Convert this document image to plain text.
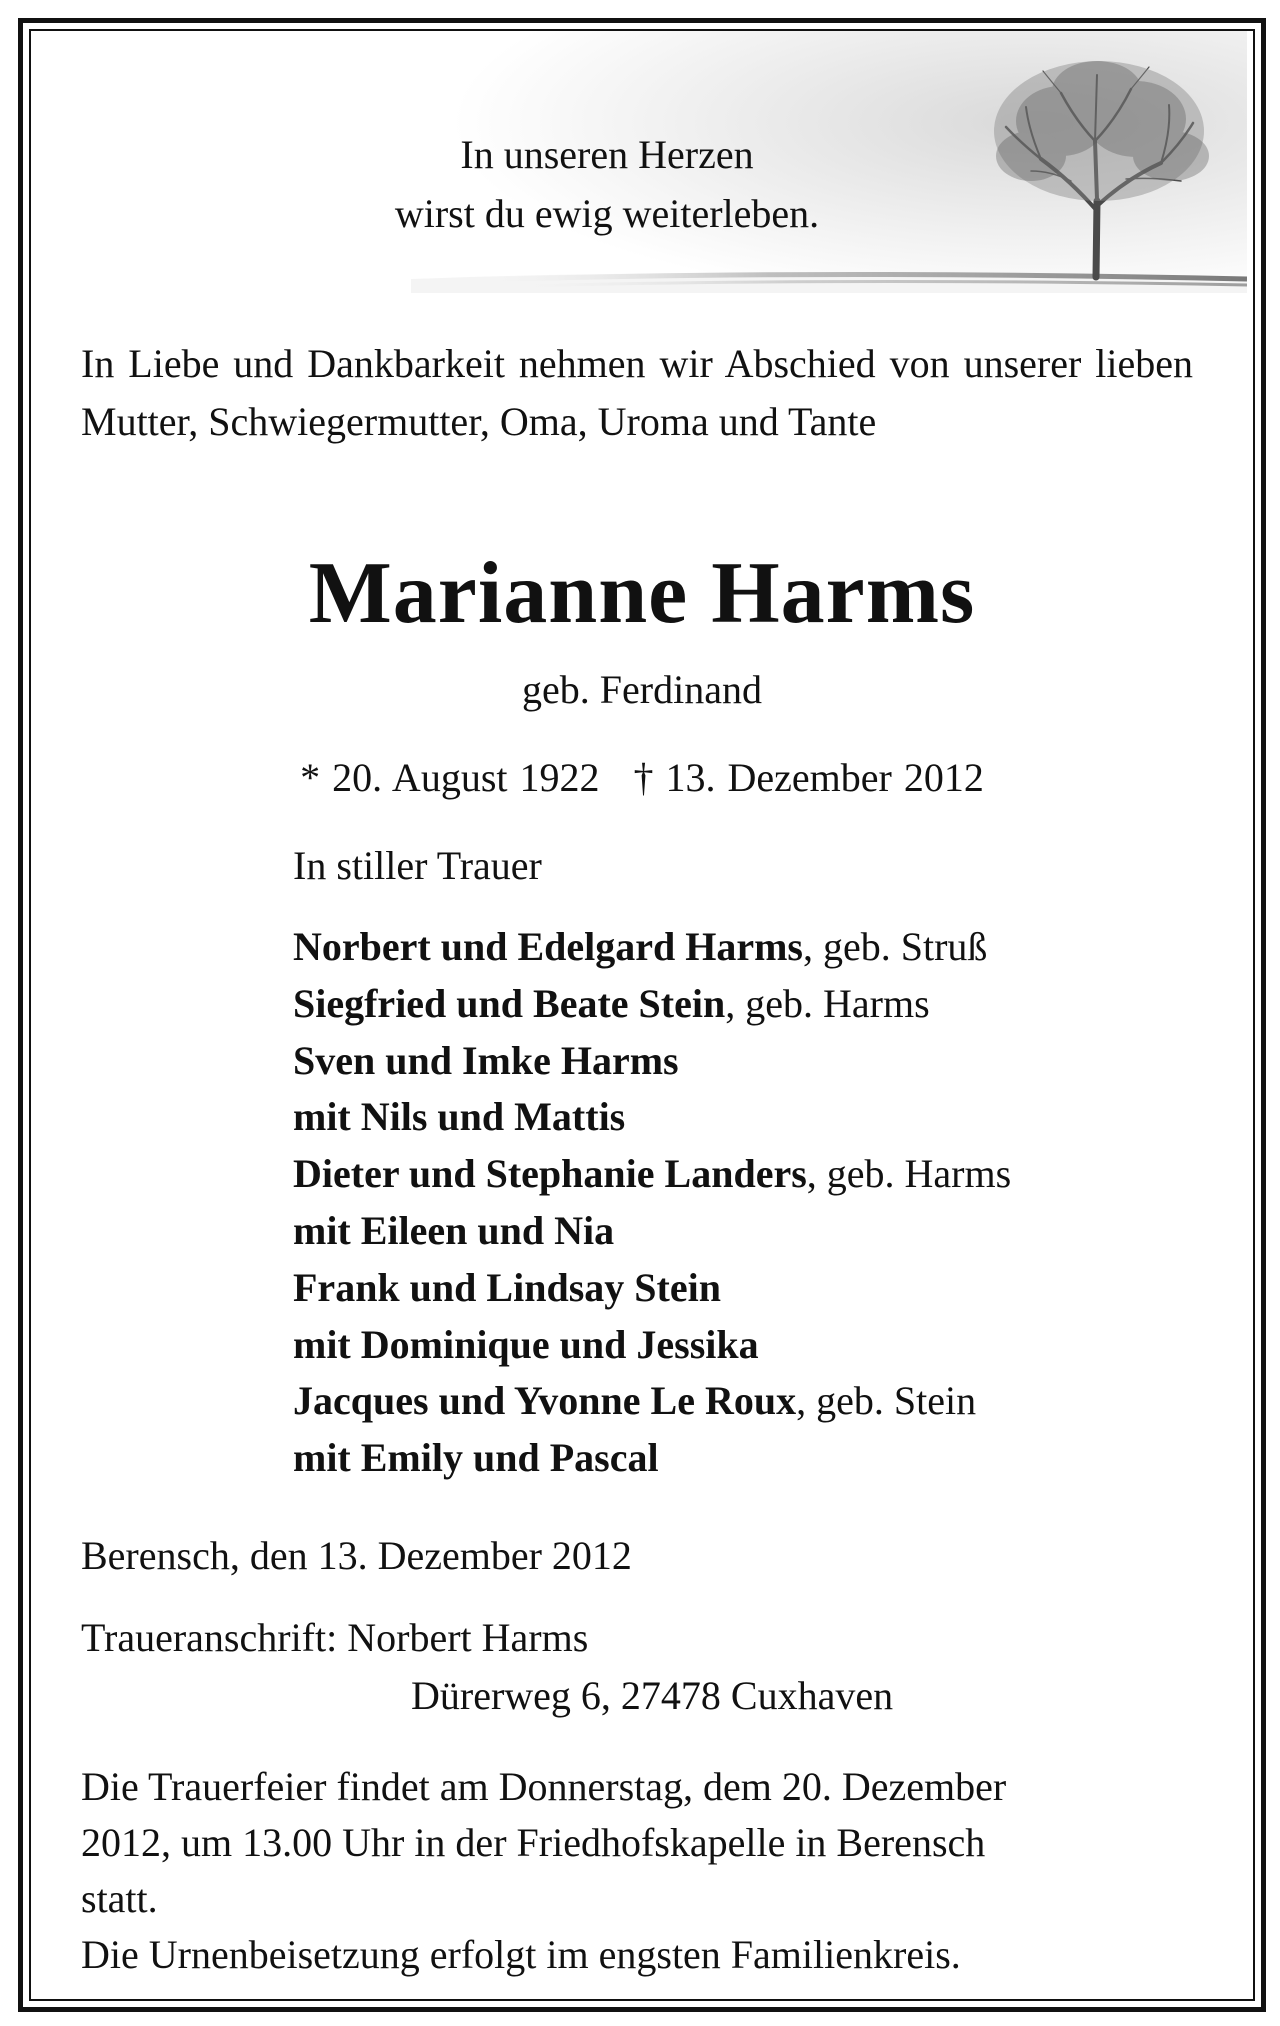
In unseren Herzen
wirst du ewig weiterleben.
In Liebe und Dankbarkeit nehmen wir Abschied von unserer lieben Mutter, Schwiegermutter, Oma, Uroma und Tante
Marianne Harms
geb. Ferdinand
* 20. August 1922 † 13. Dezember 2012
In stiller Trauer
Norbert und Edelgard Harms, geb. Struß
Siegfried und Beate Stein, geb. Harms
Sven und Imke Harms
mit Nils und Mattis
Dieter und Stephanie Landers, geb. Harms
mit Eileen und Nia
Frank und Lindsay Stein
mit Dominique und Jessika
Jacques und Yvonne Le Roux, geb. Stein
mit Emily und Pascal
Berensch, den 13. Dezember 2012
Traueranschrift: Norbert Harms
Dürerweg 6, 27478 Cuxhaven
Die Trauerfeier findet am Donnerstag, dem 20. Dezember
2012, um 13.00 Uhr in der Friedhofskapelle in Berensch
statt.
Die Urnenbeisetzung erfolgt im engsten Familienkreis.
